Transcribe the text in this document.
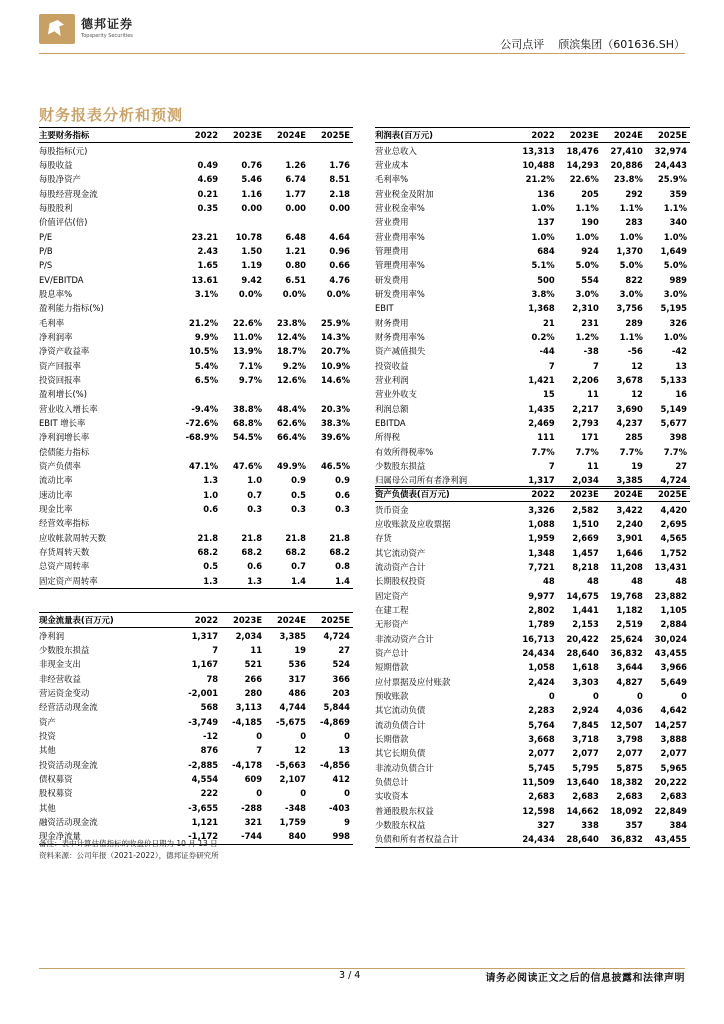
德邦证券
Topsperity Securities
公司点评 颀滨集团（601636.SH）
财务报表分析和预测
主要财务指标	2022	2023E	2024E	2025E
每股指标(元)				
每股收益	0.49	0.76	1.26	1.76
每股净资产	4.69	5.46	6.74	8.51
每股经营现金流	0.21	1.16	1.77	2.18
每股股利	0.35	0.00	0.00	0.00
价值评估(倍)				
P/E	23.21	10.78	6.48	4.64
P/B	2.43	1.50	1.21	0.96
P/S	1.65	1.19	0.80	0.66
EV/EBITDA	13.61	9.42	6.51	4.76
股息率%	3.1%	0.0%	0.0%	0.0%
盈利能力指标(%)				
毛利率	21.2%	22.6%	23.8%	25.9%
净利润率	9.9%	11.0%	12.4%	14.3%
净资产收益率	10.5%	13.9%	18.7%	20.7%
资产回报率	5.4%	7.1%	9.2%	10.9%
投资回报率	6.5%	9.7%	12.6%	14.6%
盈利增长(%)				
营业收入增长率	-9.4%	38.8%	48.4%	20.3%
EBIT 增长率	-72.6%	68.8%	62.6%	38.3%
净利润增长率	-68.9%	54.5%	66.4%	39.6%
偿债能力指标				
资产负债率	47.1%	47.6%	49.9%	46.5%
流动比率	1.3	1.0	0.9	0.9
速动比率	1.0	0.7	0.5	0.6
现金比率	0.6	0.3	0.3	0.3
经营效率指标				
应收帐款周转天数	21.8	21.8	21.8	21.8
存货周转天数	68.2	68.2	68.2	68.2
总资产周转率	0.5	0.6	0.7	0.8
固定资产周转率	1.3	1.3	1.4	1.4
利润表(百万元)	2022	2023E	2024E	2025E
营业总收入	13,313	18,476	27,410	32,974
营业成本	10,488	14,293	20,886	24,443
毛利率%	21.2%	22.6%	23.8%	25.9%
营业税金及附加	136	205	292	359
营业税金率%	1.0%	1.1%	1.1%	1.1%
营业费用	137	190	283	340
营业费用率%	1.0%	1.0%	1.0%	1.0%
管理费用	684	924	1,370	1,649
管理费用率%	5.1%	5.0%	5.0%	5.0%
研发费用	500	554	822	989
研发费用率%	3.8%	3.0%	3.0%	3.0%
EBIT	1,368	2,310	3,756	5,195
财务费用	21	231	289	326
财务费用率%	0.2%	1.2%	1.1%	1.0%
资产减值损失	-44	-38	-56	-42
投资收益	7	7	12	13
营业利润	1,421	2,206	3,678	5,133
营业外收支	15	11	12	16
利润总额	1,435	2,217	3,690	5,149
EBITDA	2,469	2,793	4,237	5,677
所得税	111	171	285	398
有效所得税率%	7.7%	7.7%	7.7%	7.7%
少数股东损益	7	11	19	27
归属母公司所有者净利润	1,317	2,034	3,385	4,724
现金流量表(百万元)	2022	2023E	2024E	2025E
净利润	1,317	2,034	3,385	4,724
少数股东损益	7	11	19	27
非现金支出	1,167	521	536	524
非经营收益	78	266	317	366
营运资金变动	-2,001	280	486	203
经营活动现金流	568	3,113	4,744	5,844
资产	-3,749	-4,185	-5,675	-4,869
投资	-12	0	0	0
其他	876	7	12	13
投资活动现金流	-2,885	-4,178	-5,663	-4,856
债权募资	4,554	609	2,107	412
股权募资	222	0	0	0
其他	-3,655	-288	-348	-403
融资活动现金流	1,121	321	1,759	9
现金净流量	-1,172	-744	840	998
资产负债表(百万元)	2022	2023E	2024E	2025E
货币资金	3,326	2,582	3,422	4,420
应收账款及应收票据	1,088	1,510	2,240	2,695
存货	1,959	2,669	3,901	4,565
其它流动资产	1,348	1,457	1,646	1,752
流动资产合计	7,721	8,218	11,208	13,431
长期股权投资	48	48	48	48
固定资产	9,977	14,675	19,768	23,882
在建工程	2,802	1,441	1,182	1,105
无形资产	1,789	2,153	2,519	2,884
非流动资产合计	16,713	20,422	25,624	30,024
资产总计	24,434	28,640	36,832	43,455
短期借款	1,058	1,618	3,644	3,966
应付票据及应付账款	2,424	3,303	4,827	5,649
预收账款	0	0	0	0
其它流动负债	2,283	2,924	4,036	4,642
流动负债合计	5,764	7,845	12,507	14,257
长期借款	3,668	3,718	3,798	3,888
其它长期负债	2,077	2,077	2,077	2,077
非流动负债合计	5,745	5,795	5,875	5,965
负债总计	11,509	13,640	18,382	20,222
实收资本	2,683	2,683	2,683	2,683
普通股股东权益	12,598	14,662	18,092	22,849
少数股东权益	327	338	357	384
负债和所有者权益合计	24,434	28,640	36,832	43,455
备注：表中计算估值指标的收盘价日期为 10 月 13 日
资料来源：公司年报（2021-2022），德邦证券研究所
3 / 4	请务必阅读正文之后的信息披露和法律声明
